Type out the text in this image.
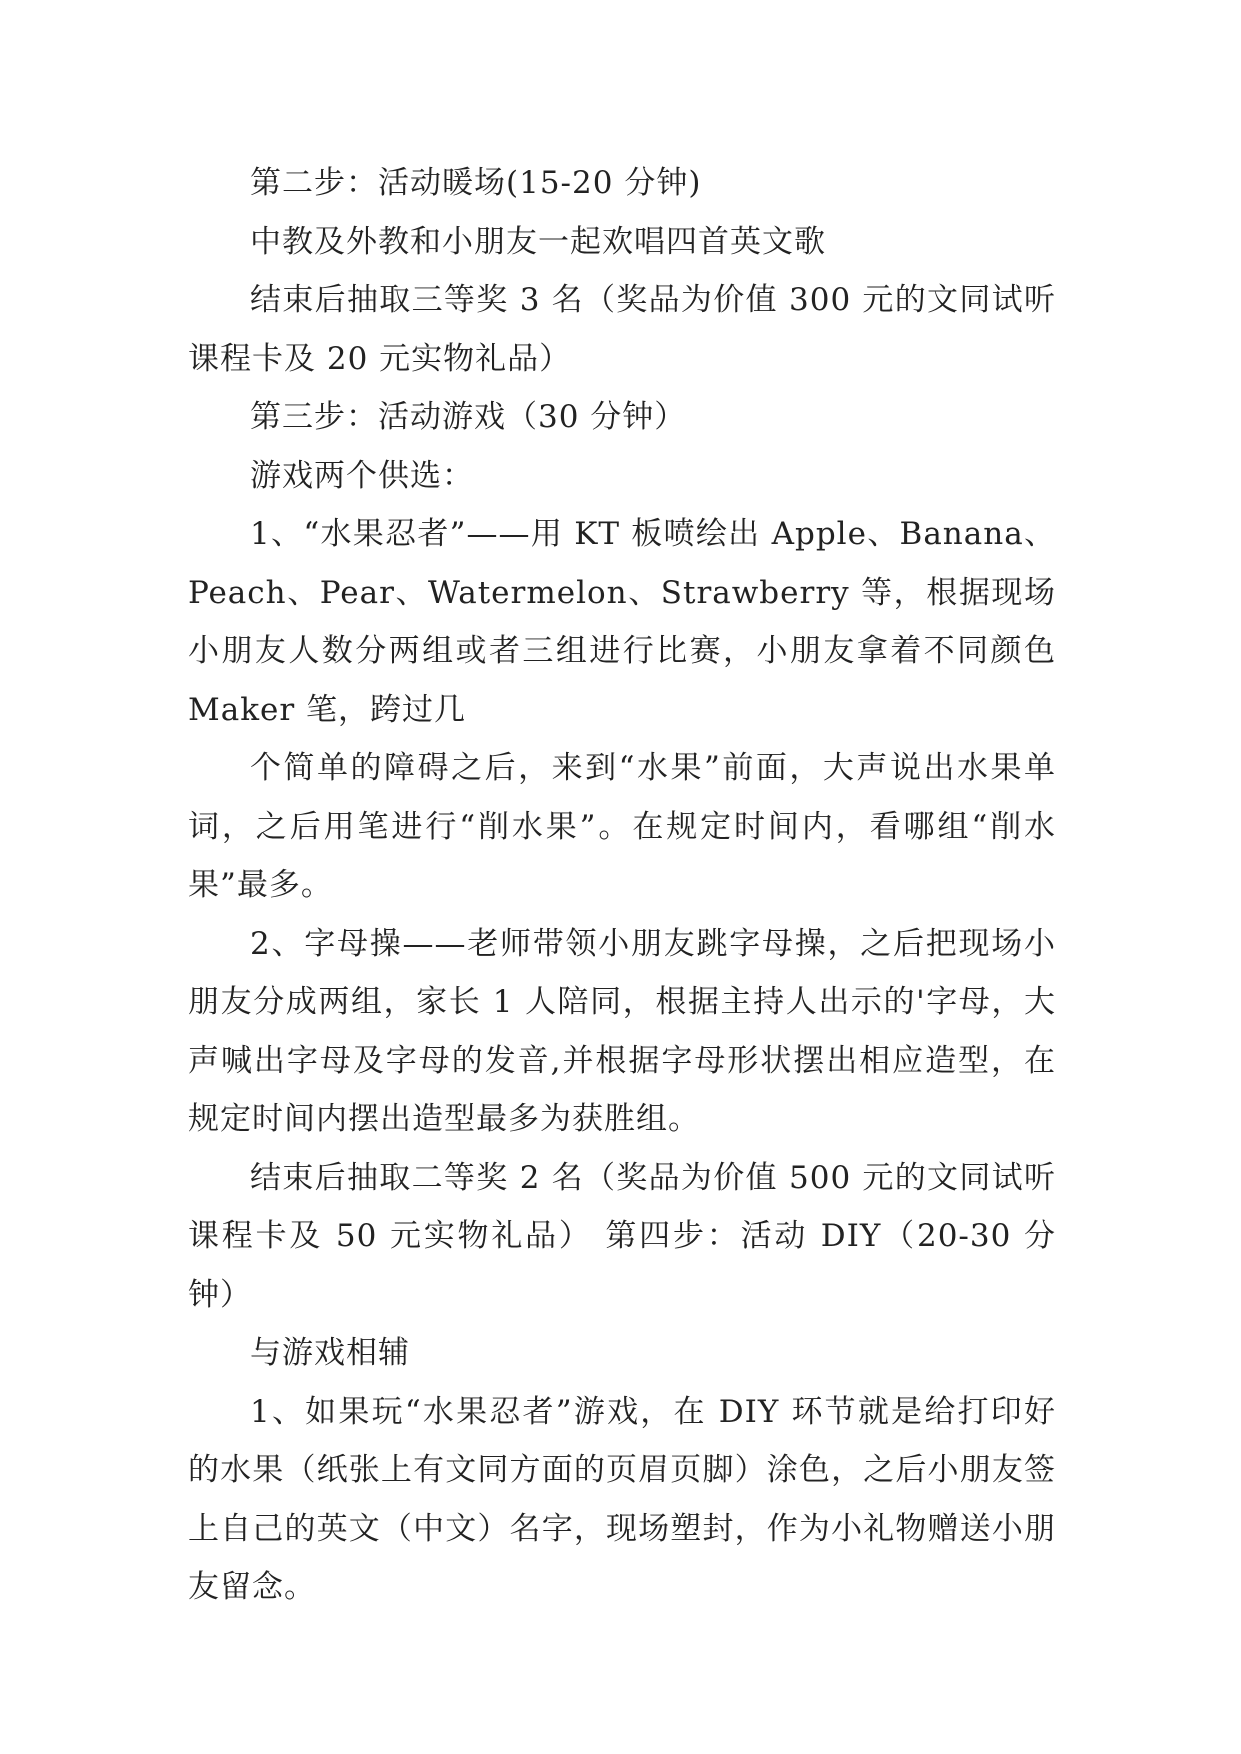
第二步：活动暖场(15-20 分钟)

中教及外教和小朋友一起欢唱四首英文歌

结束后抽取三等奖 3 名（奖品为价值 300 元的文同试听课程卡及 20 元实物礼品）

第三步：活动游戏（30 分钟）

游戏两个供选：

1、“水果忍者”——用 KT 板喷绘出 Apple、Banana、Peach、Pear、Watermelon、Strawberry 等，根据现场小朋友人数分两组或者三组进行比赛，小朋友拿着不同颜色 Maker 笔，跨过几

个简单的障碍之后，来到“水果”前面，大声说出水果单词，之后用笔进行“削水果”。在规定时间内，看哪组“削水果”最多。

2、字母操——老师带领小朋友跳字母操，之后把现场小朋友分成两组，家长 1 人陪同，根据主持人出示的'字母，大声喊出字母及字母的发音,并根据字母形状摆出相应造型，在规定时间内摆出造型最多为获胜组。

结束后抽取二等奖 2 名（奖品为价值 500 元的文同试听课程卡及 50 元实物礼品） 第四步：活动 DIY（20-30 分钟）

与游戏相辅

1、如果玩“水果忍者”游戏，在 DIY 环节就是给打印好的水果（纸张上有文同方面的页眉页脚）涂色，之后小朋友签上自己的英文（中文）名字，现场塑封，作为小礼物赠送小朋友留念。
